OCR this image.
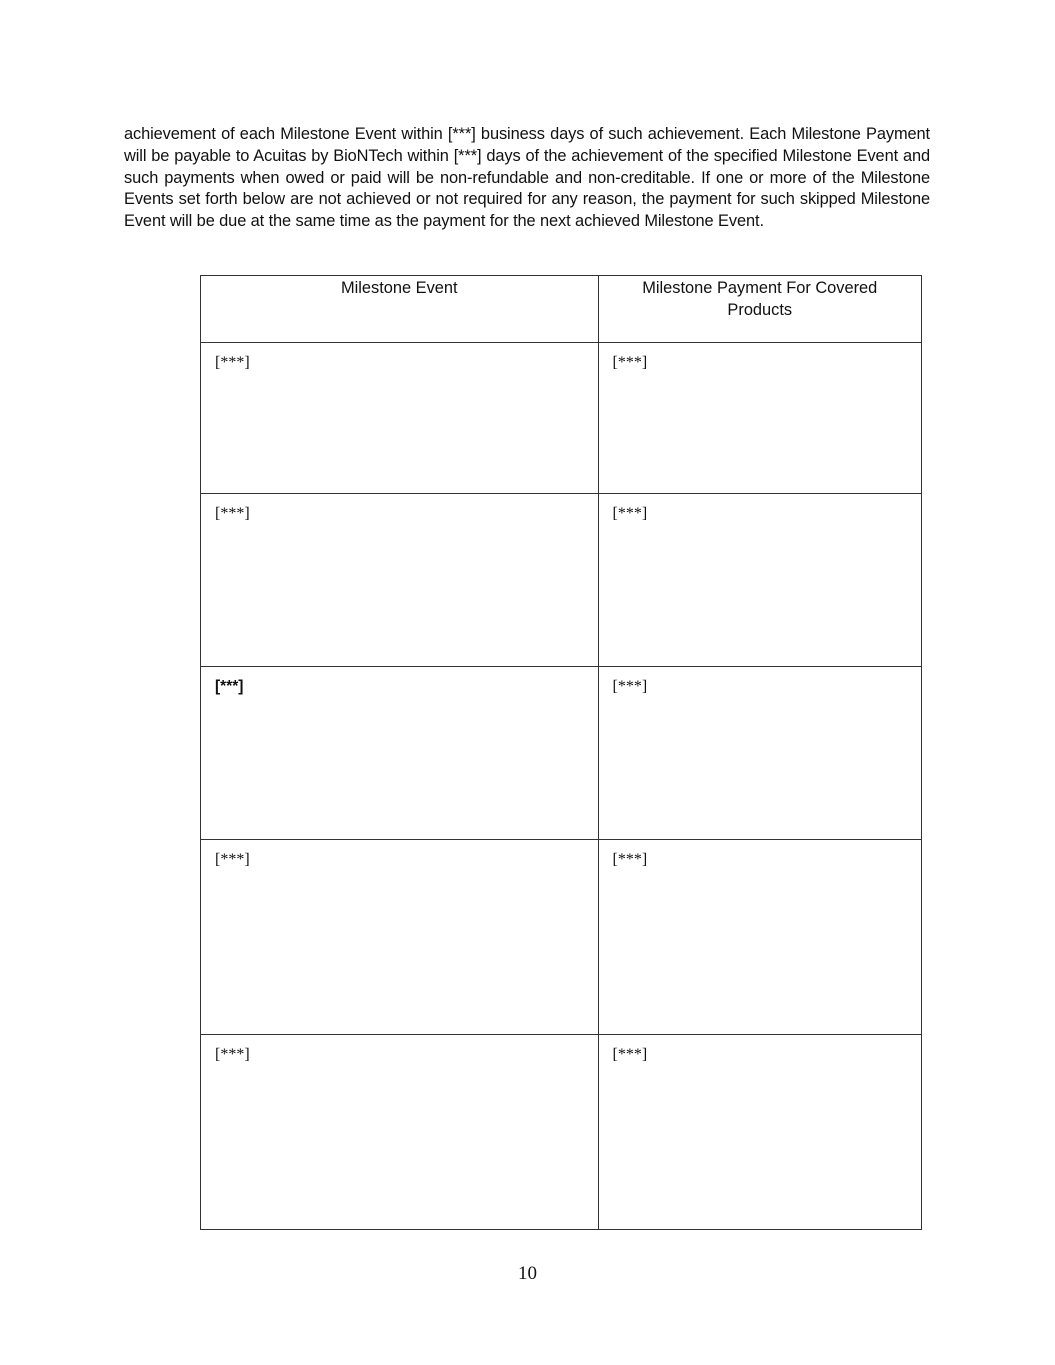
achievement of each Milestone Event within [***] business days of such achievement. Each Milestone Payment will be payable to Acuitas by BioNTech within [***] days of the achievement of the specified Milestone Event and such payments when owed or paid will be non-refundable and non-creditable. If one or more of the Milestone Events set forth below are not achieved or not required for any reason, the payment for such skipped Milestone Event will be due at the same time as the payment for the next achieved Milestone Event.

Milestone Event	Milestone Payment For Covered Products

[***]	[***]

[***]	[***]

[***]	[***]

[***]	[***]

[***]	[***]
10
